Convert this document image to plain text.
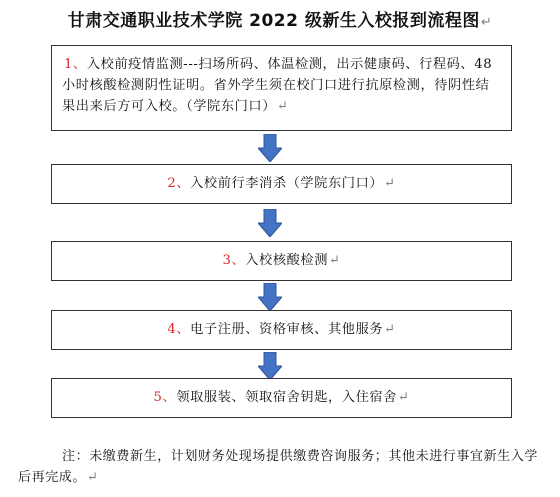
甘肃交通职业技术学院 2022 级新生入校报到流程图↵
1、入校前疫情监测---扫场所码、体温检测，出示健康码、行程码、48 小时核酸检测阴性证明。省外学生须在校门口进行抗原检测，待阴性结果出来后方可入校。（学院东门口）↵
2、入校前行李消杀（学院东门口）↵
3、入校核酸检测↵
4、电子注册、资格审核、其他服务↵
5、领取服装、领取宿舍钥匙，入住宿舍↵
注：未缴费新生，计划财务处现场提供缴费咨询服务；其他未进行事宜新生入学后再完成。↵
